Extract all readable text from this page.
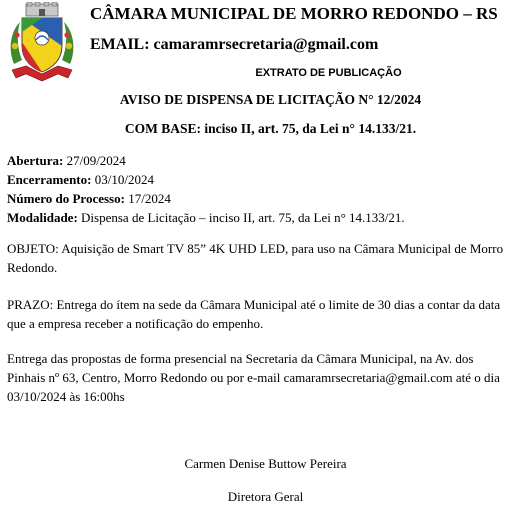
CÂMARA MUNICIPAL DE MORRO REDONDO – RS
EMAIL: camaramrsecretaria@gmail.com
EXTRATO DE PUBLICAÇÃO
AVISO DE DISPENSA DE LICITAÇÃO N° 12/2024
COM BASE: inciso II, art. 75, da Lei n° 14.133/21.
Abertura: 27/09/2024
Encerramento: 03/10/2024
Número do Processo: 17/2024
Modalidade: Dispensa de Licitação – inciso II, art. 75, da Lei n° 14.133/21.
OBJETO: Aquisição de Smart TV 85” 4K UHD LED, para uso na Câmara Municipal de Morro Redondo.
PRAZO: Entrega do ítem na sede da Câmara Municipal até o limite de 30 dias a contar da data que a empresa receber a notificação do empenho.
Entrega das propostas de forma presencial na Secretaria da Câmara Municipal, na Av. dos Pinhais nº 63, Centro, Morro Redondo ou por e-mail camaramrsecretaria@gmail.com até o dia 03/10/2024 às 16:00hs
Carmen Denise Buttow Pereira
Diretora Geral
